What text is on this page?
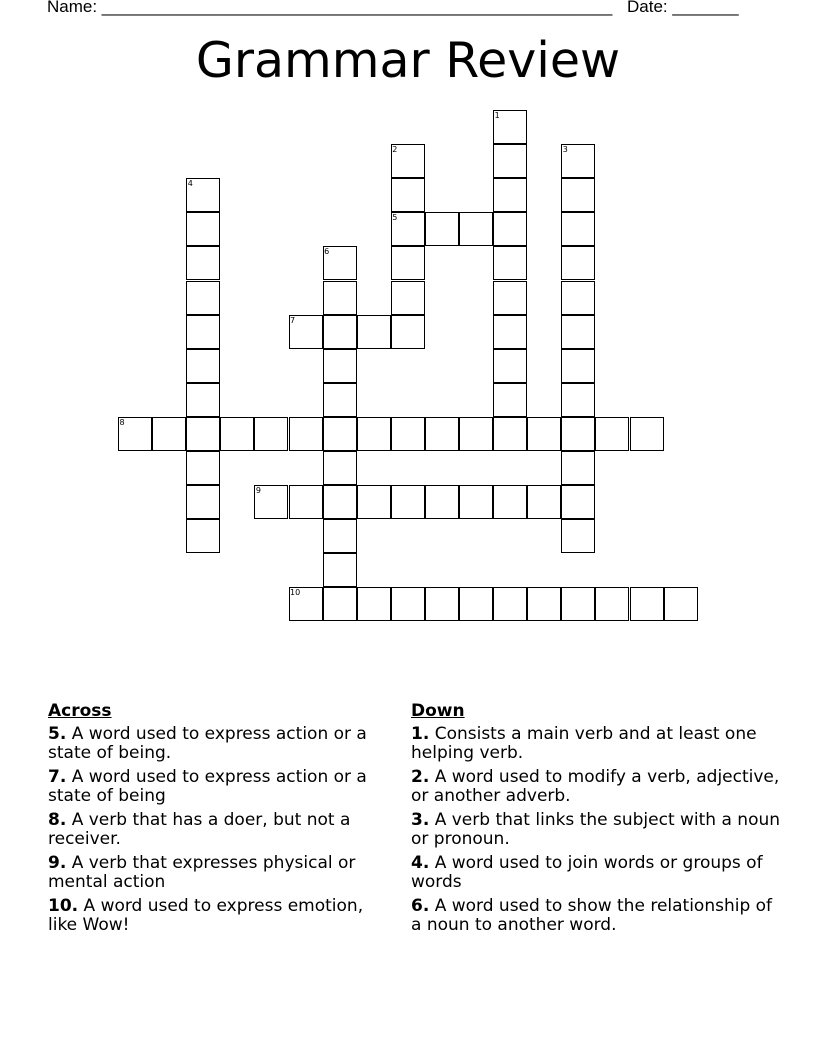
Name: ______________________________________________________ Date: _______
Grammar Review
1
2
5
3
4
6
7
8
9
10
Across
5. A word used to express action or a state of being.
7. A word used to express action or a state of being
8. A verb that has a doer, but not a receiver.
9. A verb that expresses physical or mental action
10. A word used to express emotion, like Wow!
Down
1. Consists a main verb and at least one helping verb.
2. A word used to modify a verb, adjective, or another adverb.
3. A verb that links the subject with a noun or pronoun.
4. A word used to join words or groups of words
6. A word used to show the relationship of a noun to another word.
